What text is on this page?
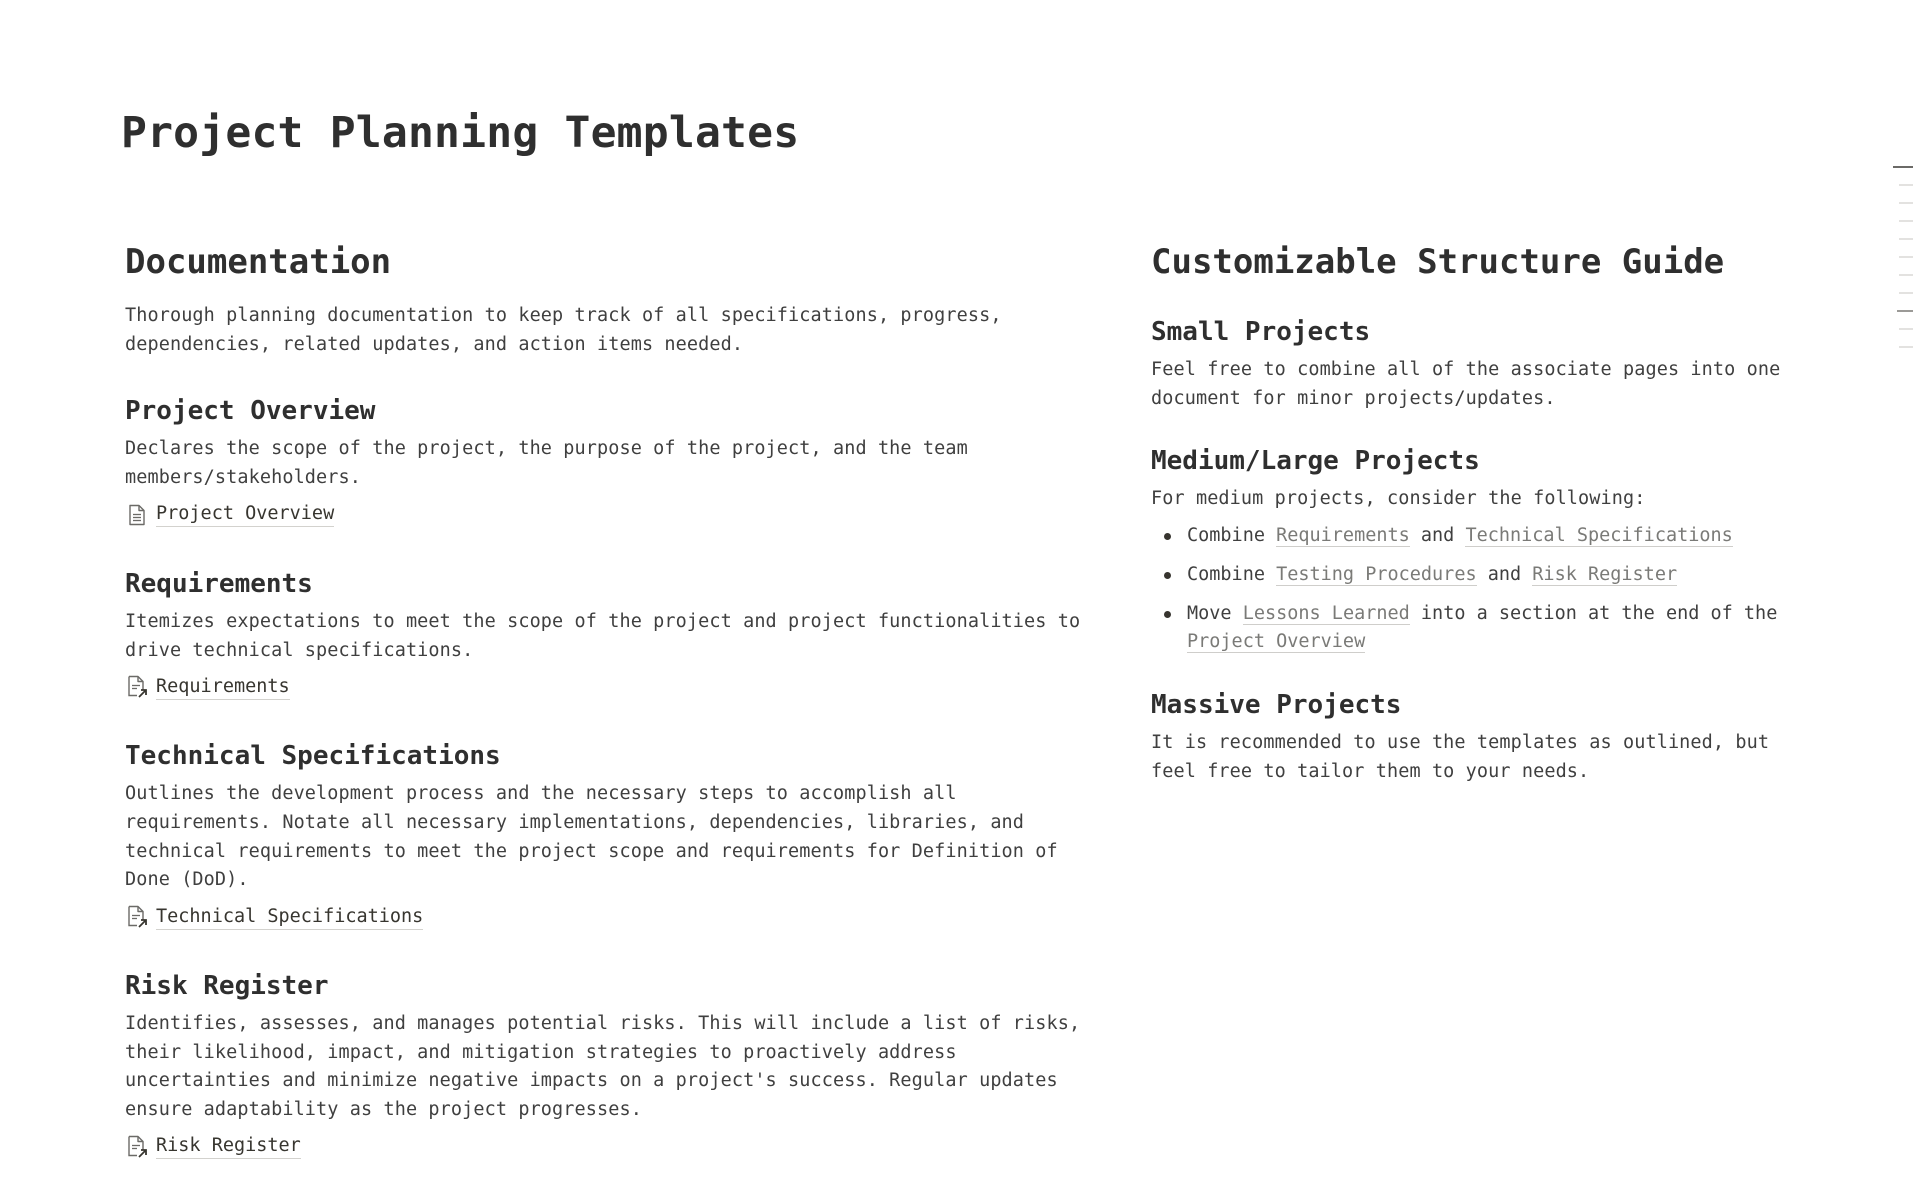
Project Planning Templates
Documentation

Thorough planning documentation to keep track of all specifications, progress, dependencies, related updates, and action items needed.

Project Overview

Declares the scope of the project, the purpose of the project, and the team members/stakeholders.

Project Overview
Requirements

Itemizes expectations to meet the scope of the project and project functionalities to drive technical specifications.

Requirements
Technical Specifications

Outlines the development process and the necessary steps to accomplish all requirements. Notate all necessary implementations, dependencies, libraries, and technical requirements to meet the project scope and requirements for Definition of Done (DoD).

Technical Specifications
Risk Register

Identifies, assesses, and manages potential risks. This will include a list of risks, their likelihood, impact, and mitigation strategies to proactively address uncertainties and minimize negative impacts on a project's success. Regular updates ensure adaptability as the project progresses.

Risk Register
Customizable Structure Guide
Small Projects

Feel free to combine all of the associate pages into one document for minor projects/updates.

Medium/Large Projects

For medium projects, consider the following:

Combine Requirements and Technical Specifications
Combine Testing Procedures and Risk Register
Move Lessons Learned into a section at the end of the Project Overview
Massive Projects

It is recommended to use the templates as outlined, but feel free to tailor them to your needs.
